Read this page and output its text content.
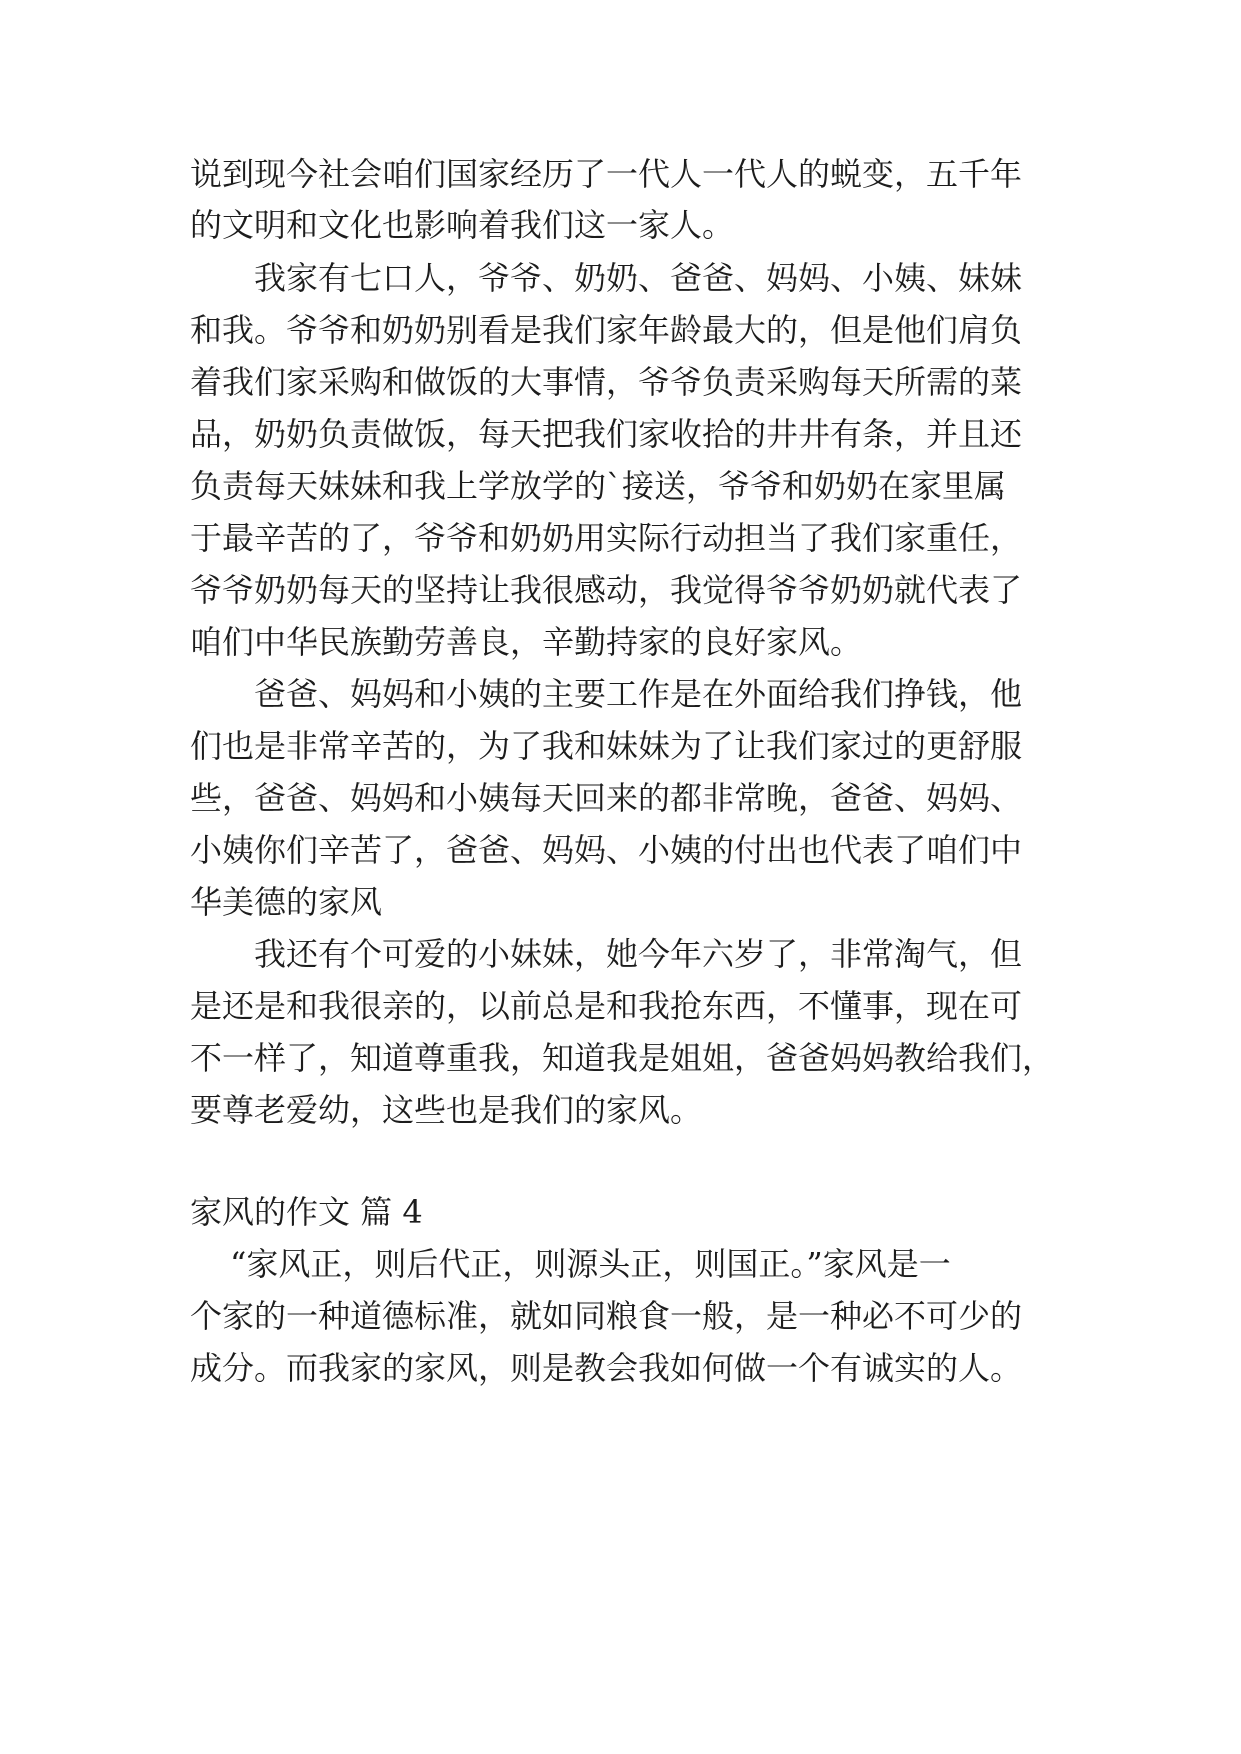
说到现今社会咱们国家经历了一代人一代人的蜕变，五千年
的文明和文化也影响着我们这一家人。
我家有七口人，爷爷、奶奶、爸爸、妈妈、小姨、妹妹
和我。爷爷和奶奶别看是我们家年龄最大的，但是他们肩负
着我们家采购和做饭的大事情，爷爷负责采购每天所需的菜
品，奶奶负责做饭，每天把我们家收拾的井井有条，并且还
负责每天妹妹和我上学放学的`接送，爷爷和奶奶在家里属
于最辛苦的了，爷爷和奶奶用实际行动担当了我们家重任，
爷爷奶奶每天的坚持让我很感动，我觉得爷爷奶奶就代表了
咱们中华民族勤劳善良，辛勤持家的良好家风。
爸爸、妈妈和小姨的主要工作是在外面给我们挣钱，他
们也是非常辛苦的，为了我和妹妹为了让我们家过的更舒服
些，爸爸、妈妈和小姨每天回来的都非常晚，爸爸、妈妈、
小姨你们辛苦了，爸爸、妈妈、小姨的付出也代表了咱们中
华美德的家风
我还有个可爱的小妹妹，她今年六岁了，非常淘气，但
是还是和我很亲的，以前总是和我抢东西，不懂事，现在可
不一样了，知道尊重我，知道我是姐姐，爸爸妈妈教给我们，
要尊老爱幼，这些也是我们的家风。
家风的作文 篇 4
“家风正，则后代正，则源头正，则国正。”家风是一
个家的一种道德标准，就如同粮食一般，是一种必不可少的
成分。而我家的家风，则是教会我如何做一个有诚实的人。
